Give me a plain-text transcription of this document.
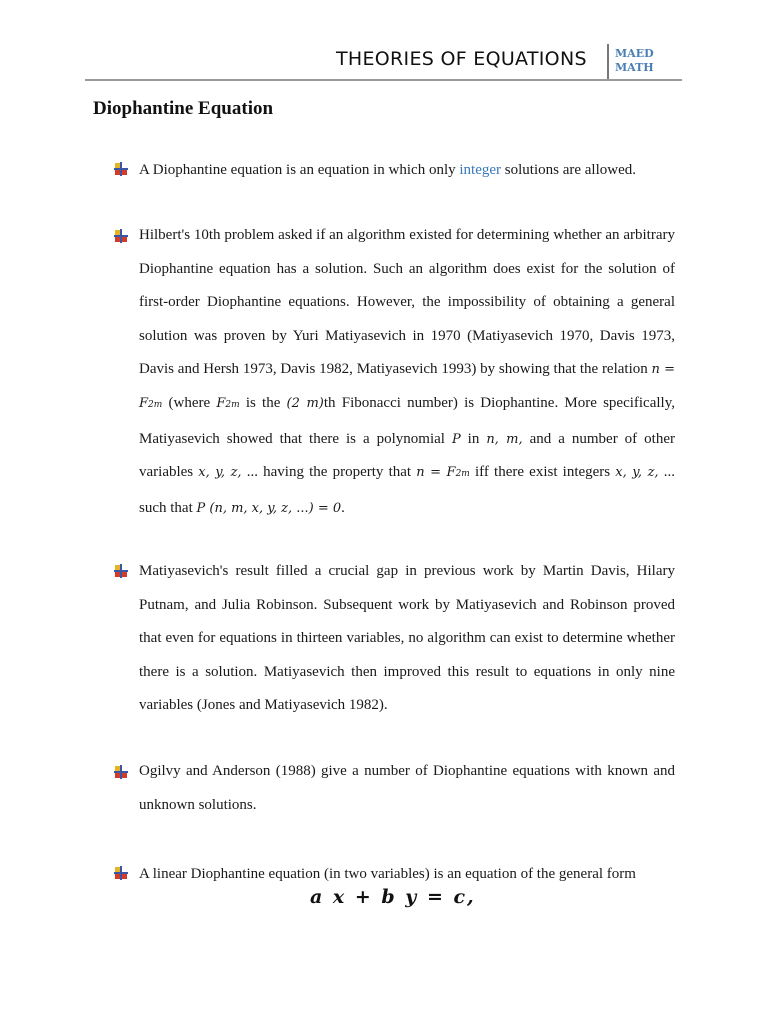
THEORIES OF EQUATIONS	MAED
MATH
Diophantine Equation
A Diophantine equation is an equation in which only integer solutions are allowed.
Hilbert's 10th problem asked if an algorithm existed for determining whether an arbitrary Diophantine equation has a solution. Such an algorithm does exist for the solution of first-order Diophantine equations. However, the impossibility of obtaining a general solution was proven by Yuri Matiyasevich in 1970 (Matiyasevich 1970, Davis 1973, Davis and Hersh 1973, Davis 1982, Matiyasevich 1993) by showing that the relation n = F2m (where F2m is the (2 m)th Fibonacci number) is Diophantine. More specifically, Matiyasevich showed that there is a polynomial P in n, m, and a number of other variables x, y, z, ... having the property that n = F2m iff there exist integers x, y, z, ... such that P (n, m, x, y, z, ...) = 0.
Matiyasevich's result filled a crucial gap in previous work by Martin Davis, Hilary Putnam, and Julia Robinson. Subsequent work by Matiyasevich and Robinson proved that even for equations in thirteen variables, no algorithm can exist to determine whether there is a solution. Matiyasevich then improved this result to equations in only nine variables (Jones and Matiyasevich 1982).
Ogilvy and Anderson (1988) give a number of Diophantine equations with known and unknown solutions.
A linear Diophantine equation (in two variables) is an equation of the general form
a x + b y = c,
